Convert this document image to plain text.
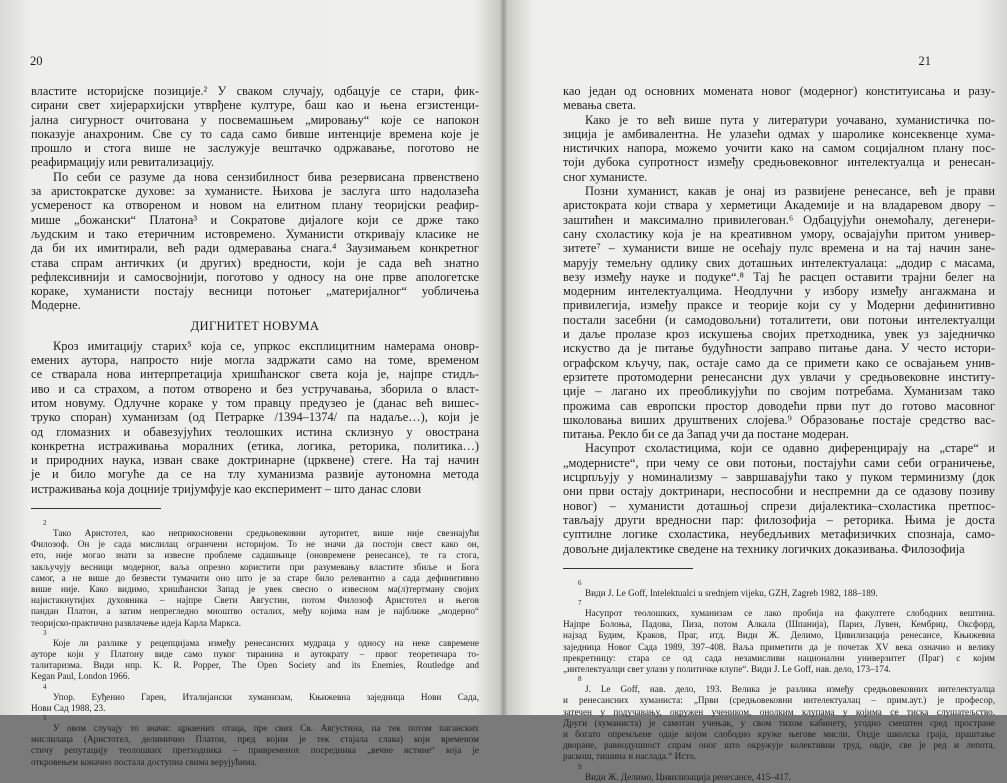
20
властите историјске позиције.² У сваком случају, одбацује се стари, фик-
сирани свет хијерархијски утврђене културе, баш као и њена егзистенци-
јална сигурност очитована у посвемашњем „мировању“ које се напокон
показује анахроним. Све су то сада само бивше интенције времена које је
прошло и стога више не заслужује вештачко одржавање, поготово не
реафирмацију или ревитализацију.
По себи се разуме да нова сензибилност бива резервисана првенствено
за аристократске духове: за хуманисте. Њихова је заслуга што надолазећа
усмереност ка отвореном и новом на елитном плану теоријски реафир-
мише „божански“ Платона³ и Сократове дијалоге који се држе тако
људским и тако етеричним истовремено. Хуманисти откривају класике не
да би их имитирали, већ ради одмеравања снага.⁴ Заузимањем конкретног
става спрам античких (и других) вредности, који је сада већ знатно
рефлексивнији и самосвојнији, поготово у односу на оне прве апологетске
кораке, хуманисти постају весници потоњег „материјалног“ уобличења
Модерне.
ДИГНИТЕТ НОВУМА
Кроз имитацију старих⁵ која се, упркос експлицитним намерама оновр-
емених аутора, напросто није могла задржати само на томе, временом
се стварала нова интерпретација хришћанског света која је, најпре стидљ-
иво и са страхом, а потом отворено и без устручавања, зборила о власт-
итом новуму. Одлучне кораке у том правцу предузео је (данас већ вишес-
труко споран) хуманизам (од Петрарке /1394–1374/ па надаље…), који је
од гломазних и обавезујућих теолошких истина склизнуо у овострана
конкретна истраживања моралних (етика, логика, реторика, политика…)
и природних наука, изван сваке доктринарне (црквене) стеге. На тај начин
је и било могуће да се на тлу хуманизма развије аутономна метода
истраживања која доцније тријумфује као експеримент – што данас слови
2
Тако Аристотел, као неприкосновени средњовековни ауторитет, више није свезнајући
Филозоф. Он је сада мислилац огранчени историјом. То не значи да постоји свест како он,
ето, није могао знати за извесне проблеме садашњице (оновремене ренесансе), те га стога,
закључују весници модерног, ваља опрезно користити при разумевању властите збиље и Бога
самог, а не више до безвести тумачити оно што је за старе било релевантно а сада дефинитивно
више није. Како видимо, хришћански Запад је увек свесно о извесном ма(л)тертману својих
најистакнутијих духовника – најпре Свети Августин, потом Филозоф Аристотел и његов
пандан Платон, а затим непрегледно мноштво осталих, међу којима нам је најближе „модерно“
теоријско-практично развлачење идеја Карла Маркса.
3
Које ли разлике у рецепцијама између ренесансних мудраца у односу на неке савремене
ауторе који у Платону виде само пуког тиранина и аутократу – првог теоретичара то-
талитаризма. Види нпр. K. R. Popper, The Open Society and its Enemies, Routledge and
Kegan Paul, London 1966.
4
Упор. Eуђенио Гарен, Италијански хуманизам, Књижевна заједница Нови Сада,
Нови Сад 1988, 23.
5
У овом случају то значи: црквених отаца, пре свих Св. Августина, па тек потом паганских
мислилаца (Аристотел, делимично Платон, пред којим је тек стајала слава) који временом
стичу репутацију теолошких претходника – привременох посредника „вечне истине“ која је
откровењем коначно постала доступна свима верујућима.
21
као један од основних момената новог (модерног) конституисања и разу-
мевања света.
Како је то већ више пута у литератури уочавано, хуманистичка по-
зиција је амбивалентна. Не улазећи одмах у шароликe консеквенце хума-
нистичких напора, можемо уочити како на самом социјалном плану пос-
тоји дубока супротност између средњовековног интелектуалца и ренесан-
сног хуманисте.
Позни хуманист, какав је онај из развијене ренесансе, већ је прави
аристократа који ствара у хермeтици Академије и на владаревом двору –
заштићен и максимално привилегован.⁶ Одбацујући онемоћалу, дегенери-
сану схоластику која је на креативном умору, освајајући притом универ-
зитете⁷ – хуманисти више не осећају пулс времена и на тај начин зане-
марују темељну одлику свих доташњих интелектуалаца: „додир с масама,
везу између науке и подуке“.⁸ Тај ће расцеп оставити трајни белег на
модерним интелектуалцима. Неодлучни у избору између ангажмана и
привилегија, између праксе и теорије који су у Модерни дефинитивно
постали засебни (и самодовољни) тоталитети, ови потоњи интелектуалци
и даље пролазе кроз искушења својих претходника, увек уз заједничко
искуство да је питање будућности заправо питање дана. У често истори-
ографском кључу, пак, остаје само да се примети како се освајањем унив-
ерзитете протомодерни ренесансни дух увлачи у средњовековне институ-
ције – лагано их преобликујући по својим потребама. Хуманизам тако
прожима сав европски простор доводећи први пут до готово масовног
школовања виших друштвених слојева.⁹ Образовање постаје средство вас-
питања. Рекло би се да Запад учи да постане модеран.
Насупрот схоластицима, који се одавно диференцирају на „старе“ и
„модернисте“, при чему се ови потоњи, постајући сами себи ограничење,
исцрпљују у номинализму – завршавајући тако у пуком терминизму (док
они први остају доктринари, неспособни и неспремни да се одазову позиву
новог) – хуманисти доташњој спрези дијалектика–схоластика претпос-
тављају други вредносни пар: филозофија – реторика. Њима је доста
суптилне логике схоластика, неубедљивих метафизичких спознаја, само-
довољне дијалектике сведене на технику логичких доказивања. Филозофија
6
Види J. Le Goff, Intelektualci u srednjem vijeku, GZH, Zagreb 1982, 188–189.
7
Насупрот теолошких, хуманизам се лако пробија на факултете слободних вештина.
Најпре Болоња, Падова, Пиза, потом Алкала (Шпанија), Париз, Лувен, Кембриџ, Оксфорд,
најзад Будим, Краков, Праг, итд. Види Ж. Делимо, Цивилизација ренесансе, Књижевна
заједница Новог Сада 1989, 397–408. Ваља приметити да је почетак XV века означио и велику
прекретницу: стаpa се од сада незамисливи национални универзитет (Праг) с којим
„интелектуалци свет улази у политичке клупе“. Види J. Le Goff, нав. дело, 173–174.
8
J. Le Goff, нав. дело, 193. Велика је разлика између средњовековних интелектуалца
и ренесансних хуманиста: „Први (средњовековни интелектуалац – прим.аут.) је професор,
затечен у подучавању, окружен учеником, онолким клупама у којима се тиска слушатељство.
Други (хуманиста) је самотан учењак, у свом тихом кабинету, угодно смештен сред простране
и богато опремљене одаје којом слободно круже његове мисли. Ондје школска гpaја, праштање
дворане, равнодушност спрам онoг што окружује колективни труд, овдје, све је ред и лепота,
раскош, тишина и наслада.“ Исто.
9
Види Ж. Делимо, Цивилизација ренесансе, 415–417.
